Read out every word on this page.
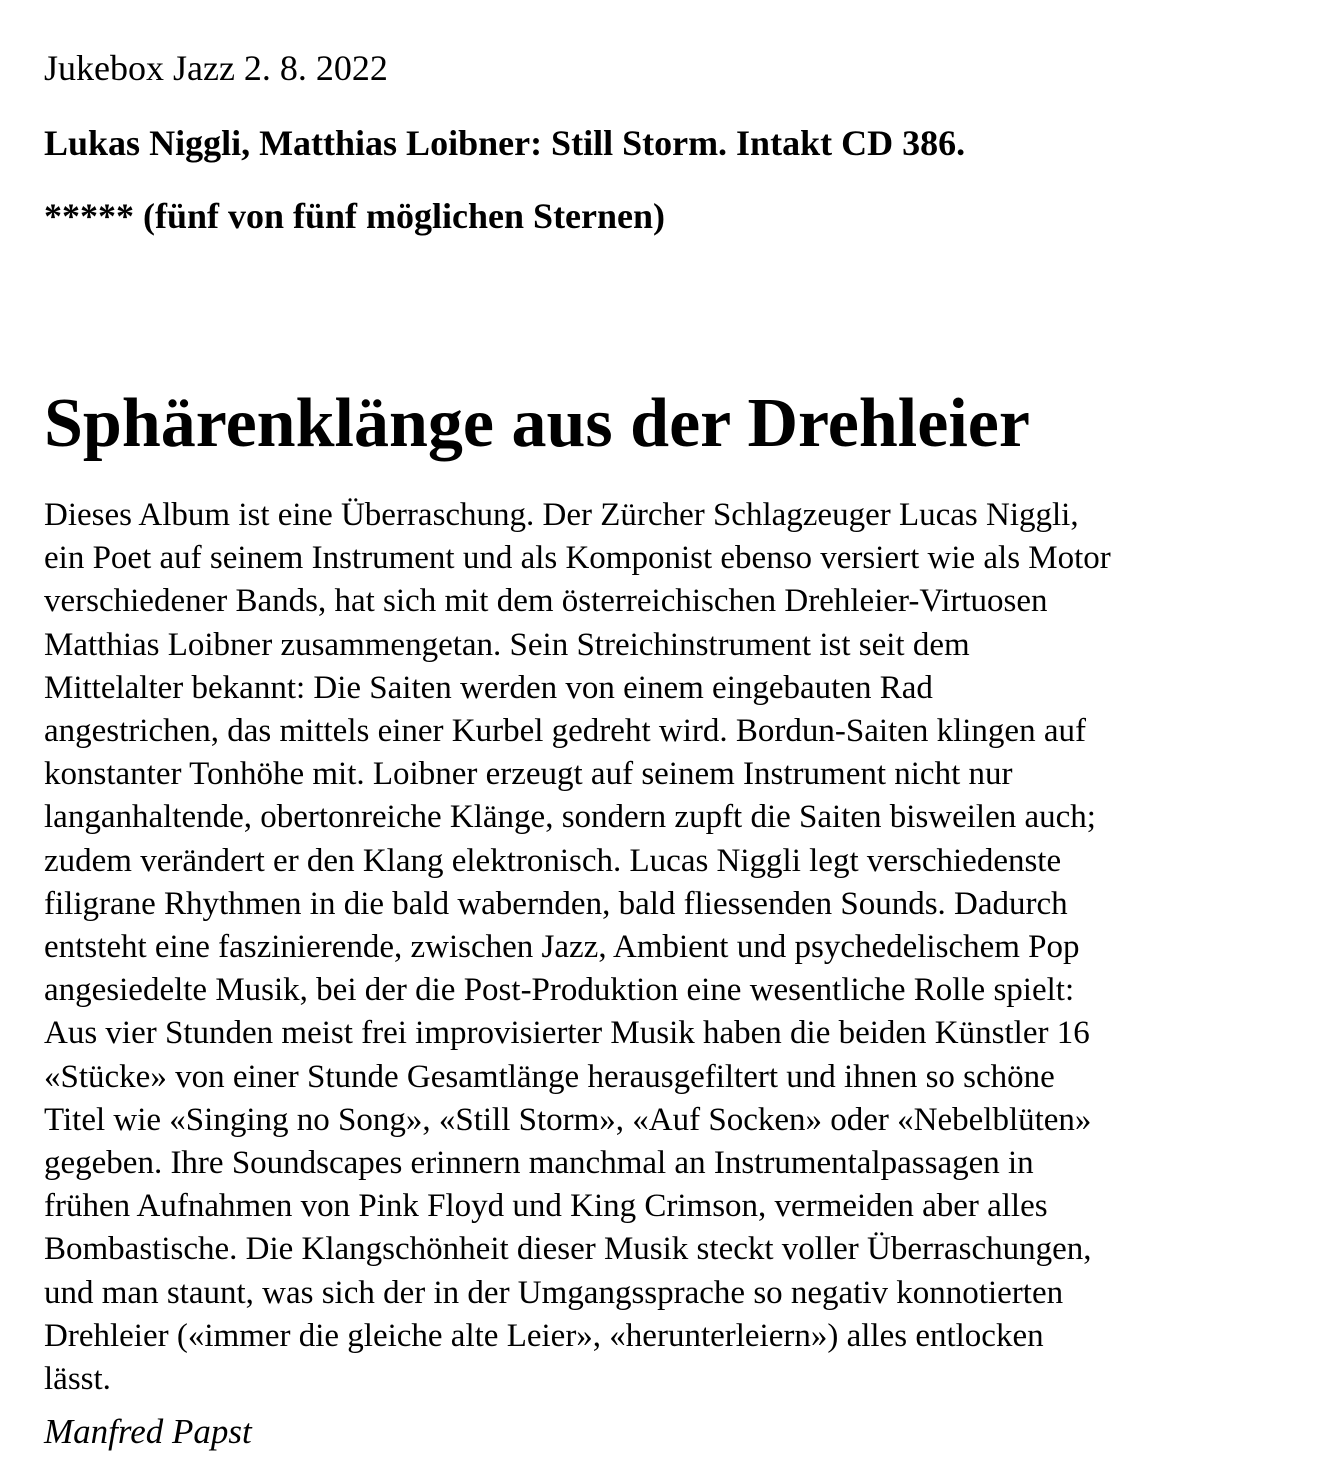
Jukebox Jazz 2. 8. 2022
Lukas Niggli, Matthias Loibner: Still Storm. Intakt CD 386.
***** (fünf von fünf möglichen Sternen)
Sphärenklänge aus der Drehleier
Dieses Album ist eine Überraschung. Der Zürcher Schlagzeuger Lucas Niggli,
ein Poet auf seinem Instrument und als Komponist ebenso versiert wie als Motor
verschiedener Bands, hat sich mit dem österreichischen Drehleier-Virtuosen
Matthias Loibner zusammengetan. Sein Streichinstrument ist seit dem
Mittelalter bekannt: Die Saiten werden von einem eingebauten Rad
angestrichen, das mittels einer Kurbel gedreht wird. Bordun-Saiten klingen auf
konstanter Tonhöhe mit. Loibner erzeugt auf seinem Instrument nicht nur
langanhaltende, obertonreiche Klänge, sondern zupft die Saiten bisweilen auch;
zudem verändert er den Klang elektronisch. Lucas Niggli legt verschiedenste
filigrane Rhythmen in die bald wabernden, bald fliessenden Sounds. Dadurch
entsteht eine faszinierende, zwischen Jazz, Ambient und psychedelischem Pop
angesiedelte Musik, bei der die Post-Produktion eine wesentliche Rolle spielt:
Aus vier Stunden meist frei improvisierter Musik haben die beiden Künstler 16
«Stücke» von einer Stunde Gesamtlänge herausgefiltert und ihnen so schöne
Titel wie «Singing no Song», «Still Storm», «Auf Socken» oder «Nebelblüten»
gegeben. Ihre Soundscapes erinnern manchmal an Instrumentalpassagen in
frühen Aufnahmen von Pink Floyd und King Crimson, vermeiden aber alles
Bombastische. Die Klangschönheit dieser Musik steckt voller Überraschungen,
und man staunt, was sich der in der Umgangssprache so negativ konnotierten
Drehleier («immer die gleiche alte Leier», «herunterleiern») alles entlocken
lässt.
Manfred Papst
